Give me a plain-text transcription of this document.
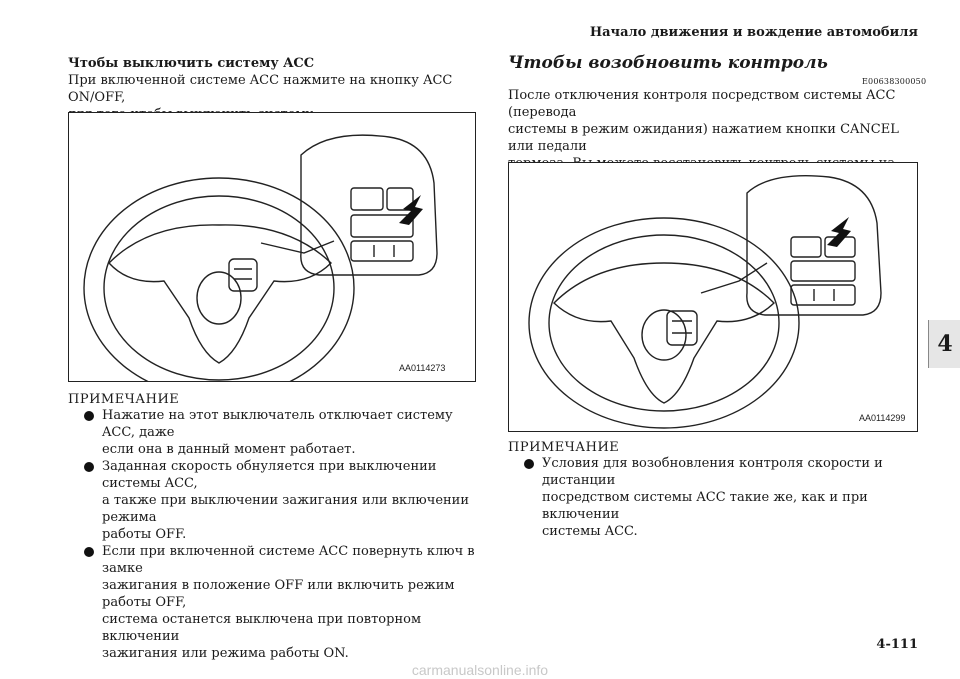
Начало движения и вождение автомобиля

Чтобы выключить систему ACC

При включенной системе ACC нажмите на кнопку ACC ON/OFF,

AA0114273
ПРИМЕЧАНИЕ
Нажатие на этот выключатель отключает систему ACC, даже
если она в данный момент работает.
Заданная скорость обнуляется при выключении системы ACC,
а также при выключении зажигания или включении режима
работы OFF.
Если при включенной системе ACC повернуть ключ в замке
зажигания в положение OFF или включить режим работы OFF,
система останется выключена при повторном включении
зажигания или режима работы ON.
Чтобы возобновить контроль
E00638300050

После отключения контроля посредством системы ACC (перевода

системы в режим ожидания) нажатием кнопки CANCEL или педали

AA0114299
ПРИМЕЧАНИЕ
Условия для возобновления контроля скорости и дистанции
посредством системы ACC такие же, как и при включении
системы ACC.
4
4-111
carmanualsonline.info
